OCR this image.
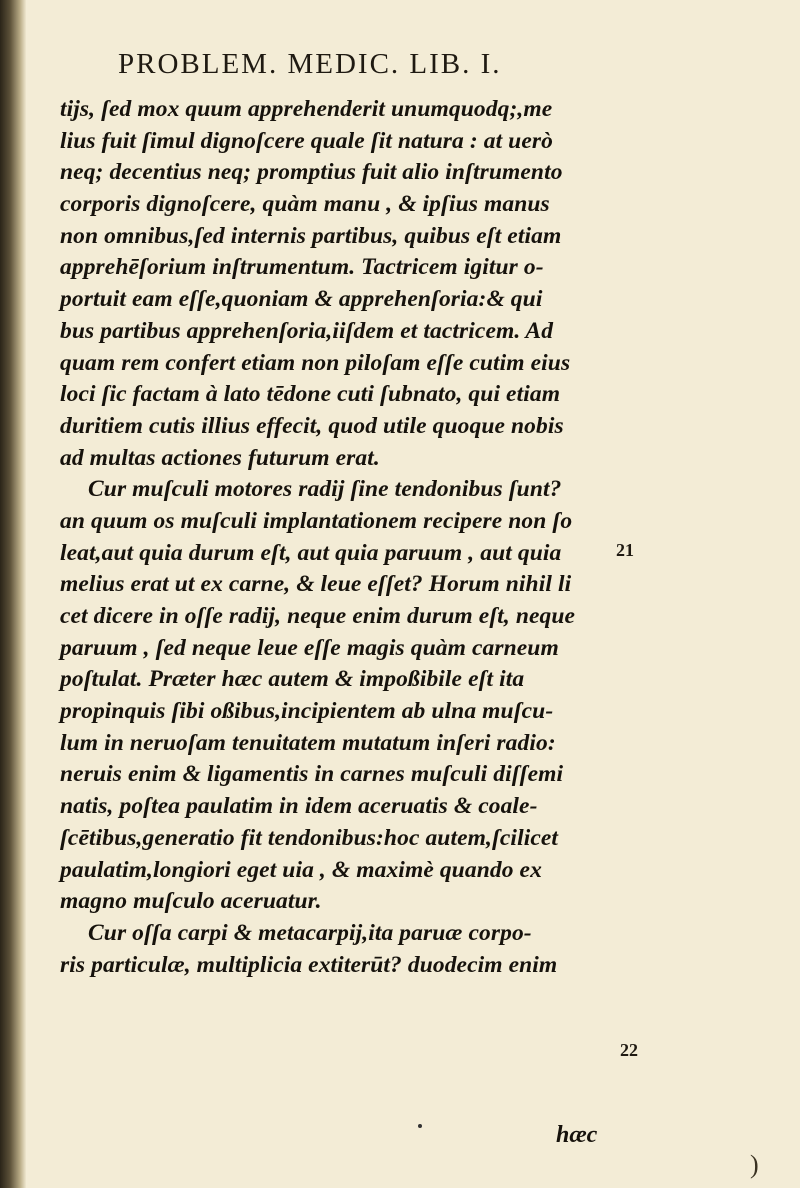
PROBLEM. MEDIC. LIB. I.
tijs, ſed mox quum apprehenderit unumquodq;,me
lius fuit ſimul dignoſcere quale ſit natura : at uerò
neq; decentius neq; promptius fuit alio inſtrumento
corporis dignoſcere, quàm manu , & ipſius manus
non omnibus,ſed internis partibus, quibus eſt etiam
apprehēſorium inſtrumentum. Tactricem igitur o-
portuit eam eſſe,quoniam & apprehenſoria:& qui
bus partibus apprehenſoria,iiſdem et tactricem. Ad
quam rem confert etiam non piloſam eſſe cutim eius
loci ſic factam à lato tēdone cuti ſubnato, qui etiam
duritiem cutis illius effecit, quod utile quoque nobis
ad multas actiones futurum erat.
Cur muſculi motores radij ſine tendonibus ſunt?
an quum os muſculi implantationem recipere non ſo
leat,aut quia durum eſt, aut quia paruum , aut quia
melius erat ut ex carne, & leue eſſet? Horum nihil li
cet dicere in oſſe radij, neque enim durum eſt, neque
paruum , ſed neque leue eſſe magis quàm carneum
poſtulat. Præter hæc autem & impoßibile eſt ita
propinquis ſibi oßibus,incipientem ab ulna muſcu-
lum in neruoſam tenuitatem mutatum inſeri radio:
neruis enim & ligamentis in carnes muſculi diſſemi
natis, poſtea paulatim in idem aceruatis & coale-
ſcētibus,generatio fit tendonibus:hoc autem,ſcilicet
paulatim,longiori eget uia , & maximè quando ex
magno muſculo aceruatur.
Cur oſſa carpi & metacarpij,ita paruæ corpo-
ris particulæ, multiplicia extiterūt? duodecim enim
21
22
hæc
)
